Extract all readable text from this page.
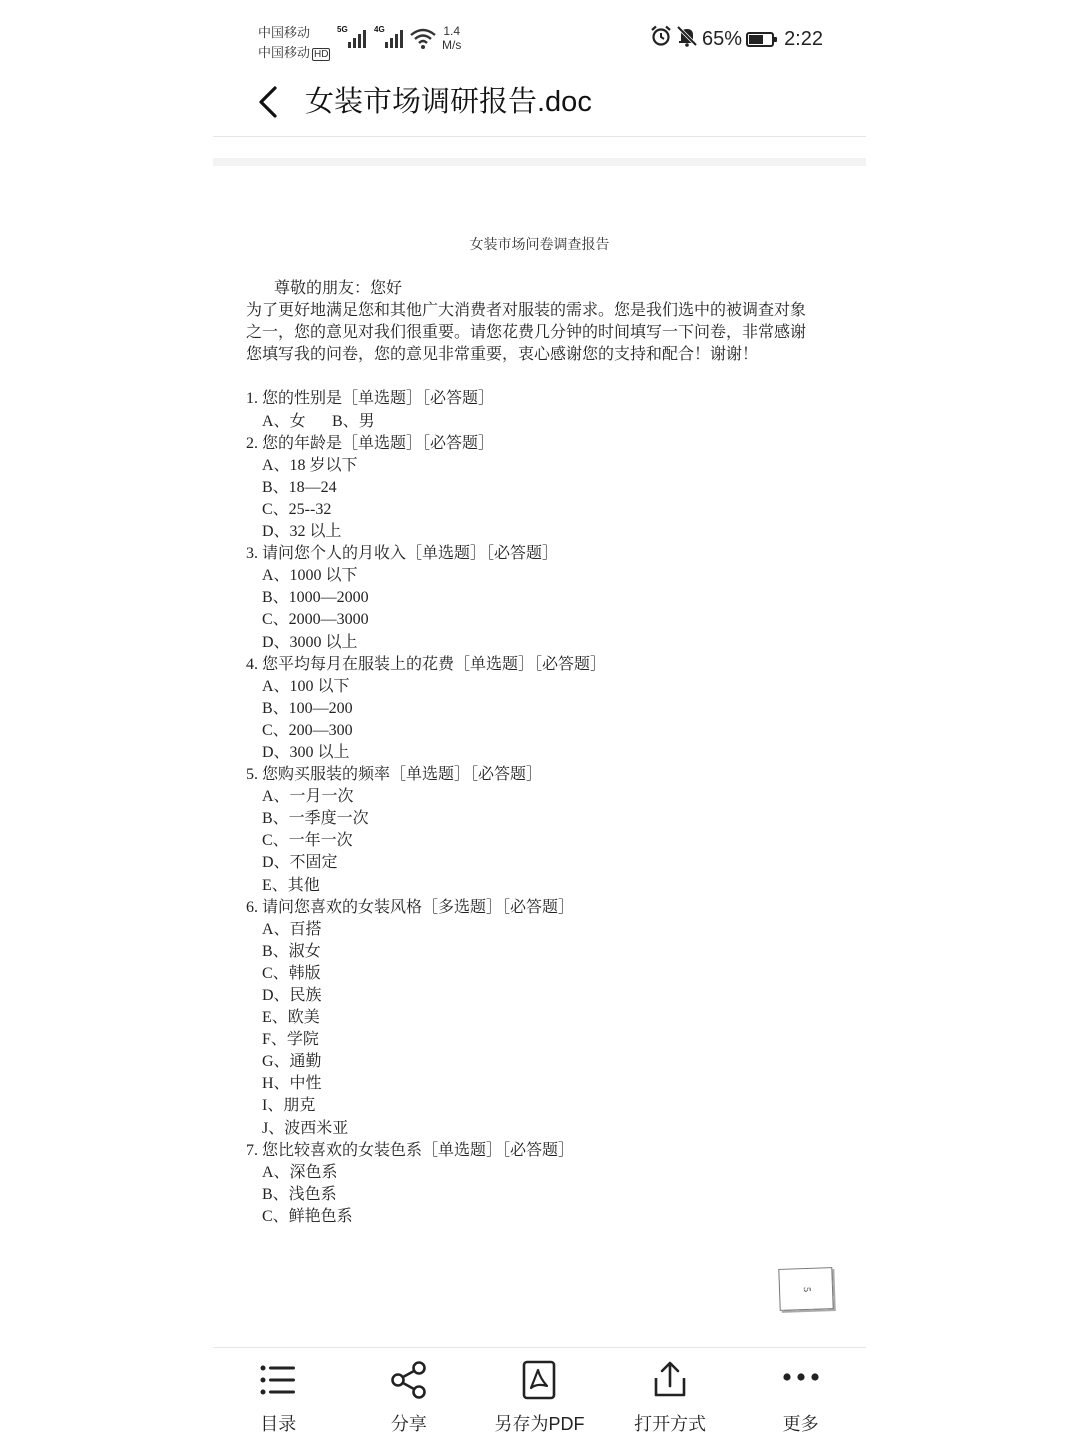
中国移动
中国移动 HD
5G	4G	1.4
M/s	65% 2:22
女装市场调研报告.doc
女装市场问卷调查报告
尊敬的朋友：您好
为了更好地满足您和其他广大消费者对服装的需求。您是我们选中的被调查对象
之一，您的意见对我们很重要。请您花费几分钟的时间填写一下问卷，非常感谢
您填写我的问卷，您的意见非常重要，衷心感谢您的支持和配合！谢谢！
1. 您的性别是［单选题］［必答题］
A、女 B、男
2. 您的年龄是［单选题］［必答题］
A、18 岁以下
B、18—24
C、25--32
D、32 以上
3. 请问您个人的月收入［单选题］［必答题］
A、1000 以下
B、1000—2000
C、2000—3000
D、3000 以上
4. 您平均每月在服装上的花费［单选题］［必答题］
A、100 以下
B、100—200
C、200—300
D、300 以上
5. 您购买服装的频率［单选题］［必答题］
A、一月一次
B、一季度一次
C、一年一次
D、不固定
E、其他
6. 请问您喜欢的女装风格［多选题］［必答题］
A、百搭
B、淑女
C、韩版
D、民族
E、欧美
F、学院
G、通勤
H、中性
I、朋克
J、波西米亚
7. 您比较喜欢的女装色系［单选题］［必答题］
A、深色系
B、浅色系
C、鲜艳色系
5
目录	分享	另存为PDF	打开方式	更多
